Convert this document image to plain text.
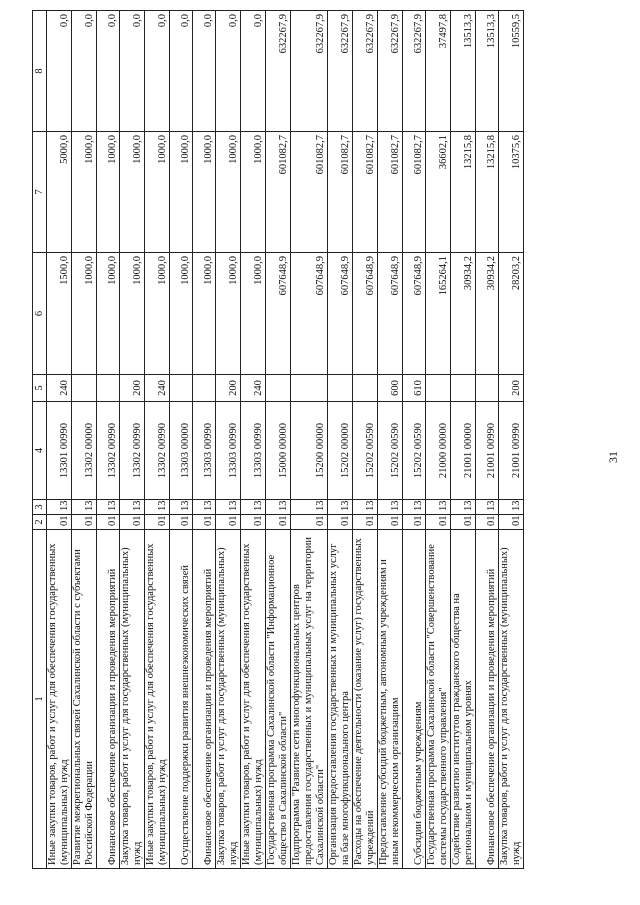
31
1	2	3	4	5	6	7	8
Иные закупки товаров, работ и услуг для обеспечения государственных (муниципальных) нужд	01	13	13301 00990	240	1500,0	5000,0	0,0
Развитие межрегиональных связей Сахалинской области с субъектами Российской Федерации	01	13	13302 00000		1000,0	1000,0	0,0
Финансовое обеспечение организации и проведения мероприятий	01	13	13302 00990		1000,0	1000,0	0,0
Закупка товаров, работ и услуг для государственных (муниципальных) нужд	01	13	13302 00990	200	1000,0	1000,0	0,0
Иные закупки товаров, работ и услуг для обеспечения государственных (муниципальных) нужд	01	13	13302 00990	240	1000,0	1000,0	0,0
Осуществление поддержки развития внешнеэкономических связей	01	13	13303 00000		1000,0	1000,0	0,0
Финансовое обеспечение организации и проведения мероприятий	01	13	13303 00990		1000,0	1000,0	0,0
Закупка товаров, работ и услуг для государственных (муниципальных) нужд	01	13	13303 00990	200	1000,0	1000,0	0,0
Иные закупки товаров, работ и услуг для обеспечения государственных (муниципальных) нужд	01	13	13303 00990	240	1000,0	1000,0	0,0
Государственная программа Сахалинской области "Информационное общество в Сахалинской области"	01	13	15000 00000		607648,9	601082,7	632267,9
Подпрограмма "Развитие сети многофункциональных центров предоставления государственных и муниципальных услуг на территории Сахалинской области"	01	13	15200 00000		607648,9	601082,7	632267,9
Организация предоставления государственных и муниципальных услуг на базе многофункционального центра	01	13	15202 00000		607648,9	601082,7	632267,9
Расходы на обеспечение деятельности (оказание услуг) государственных учреждений	01	13	15202 00590		607648,9	601082,7	632267,9
Предоставление субсидий бюджетным, автономным учреждениям и иным некоммерческим организациям	01	13	15202 00590	600	607648,9	601082,7	632267,9
Субсидии бюджетным учреждениям	01	13	15202 00590	610	607648,9	601082,7	632267,9
Государственная программа Сахалинской области "Совершенствование системы государственного управления"	01	13	21000 00000		165264,1	36602,1	37497,8
Содействие развитию институтов гражданского общества на региональном и муниципальном уровнях	01	13	21001 00000		30934,2	13215,8	13513,3
Финансовое обеспечение организации и проведения мероприятий	01	13	21001 00990		30934,2	13215,8	13513,3
Закупка товаров, работ и услуг для государственных (муниципальных) нужд	01	13	21001 00990	200	28203,2	10375,6	10559,5
